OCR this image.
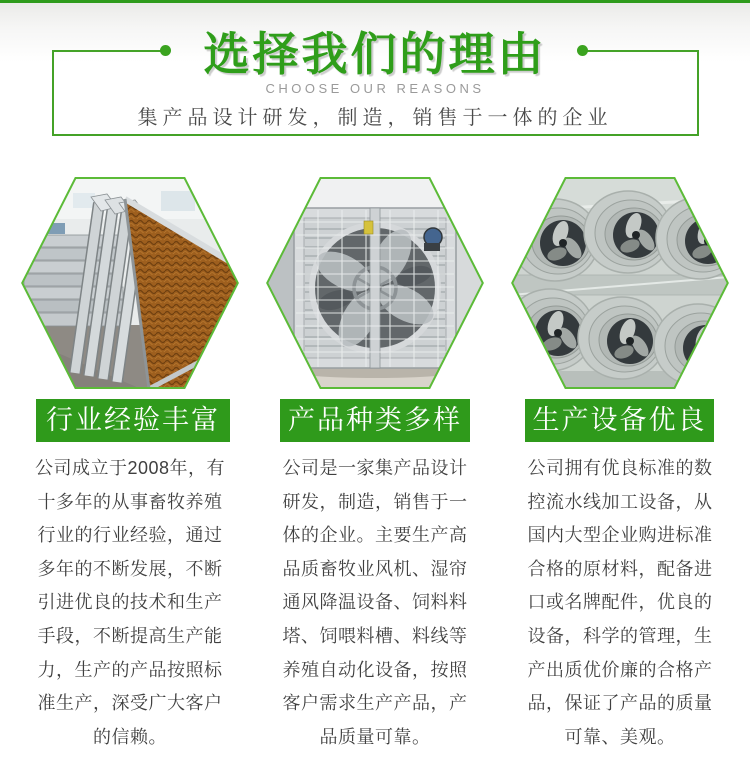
选择我们的理由
CHOOSE OUR REASONS
集产品设计研发，制造，销售于一体的企业
行业经验丰富	产品种类多样	生产设备优良
公司成立于2008年，有
十多年的从事畜牧养殖
行业的行业经验，通过
多年的不断发展，不断
引进优良的技术和生产
手段，不断提高生产能
力，生产的产品按照标
准生产，深受广大客户
的信赖。
公司是一家集产品设计
研发，制造，销售于一
体的企业。主要生产高
品质畜牧业风机、湿帘
通风降温设备、饲料料
塔、饲喂料槽、料线等
养殖自动化设备，按照
客户需求生产产品，产
品质量可靠。
公司拥有优良标准的数
控流水线加工设备，从
国内大型企业购进标准
合格的原材料，配备进
口或名牌配件，优良的
设备，科学的管理，生
产出质优价廉的合格产
品，保证了产品的质量
可靠、美观。
